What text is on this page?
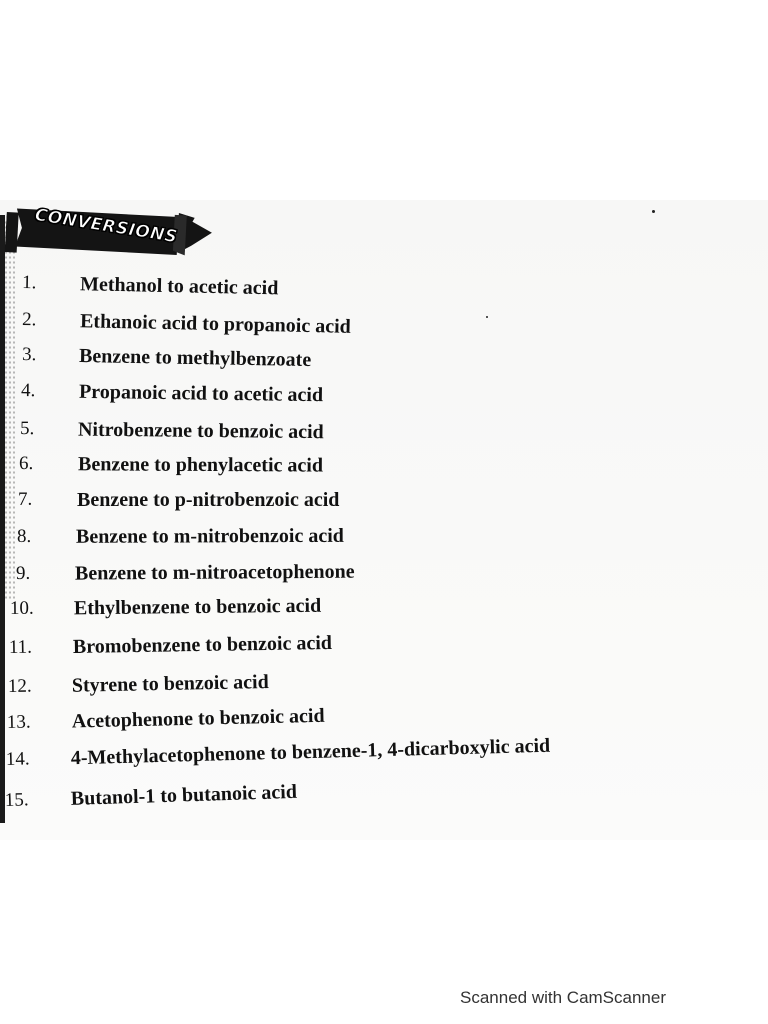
CONVERSIONS
1. Methanol to acetic acid
2. Ethanoic acid to propanoic acid
3. Benzene to methylbenzoate
4. Propanoic acid to acetic acid
5. Nitrobenzene to benzoic acid
6. Benzene to phenylacetic acid
7. Benzene to p-nitrobenzoic acid
8. Benzene to m-nitrobenzoic acid
9. Benzene to m-nitroacetophenone
10. Ethylbenzene to benzoic acid
11. Bromobenzene to benzoic acid
12. Styrene to benzoic acid
13. Acetophenone to benzoic acid
14. 4-Methylacetophenone to benzene-1, 4-dicarboxylic acid
15. Butanol-1 to butanoic acid
Scanned with CamScanner
